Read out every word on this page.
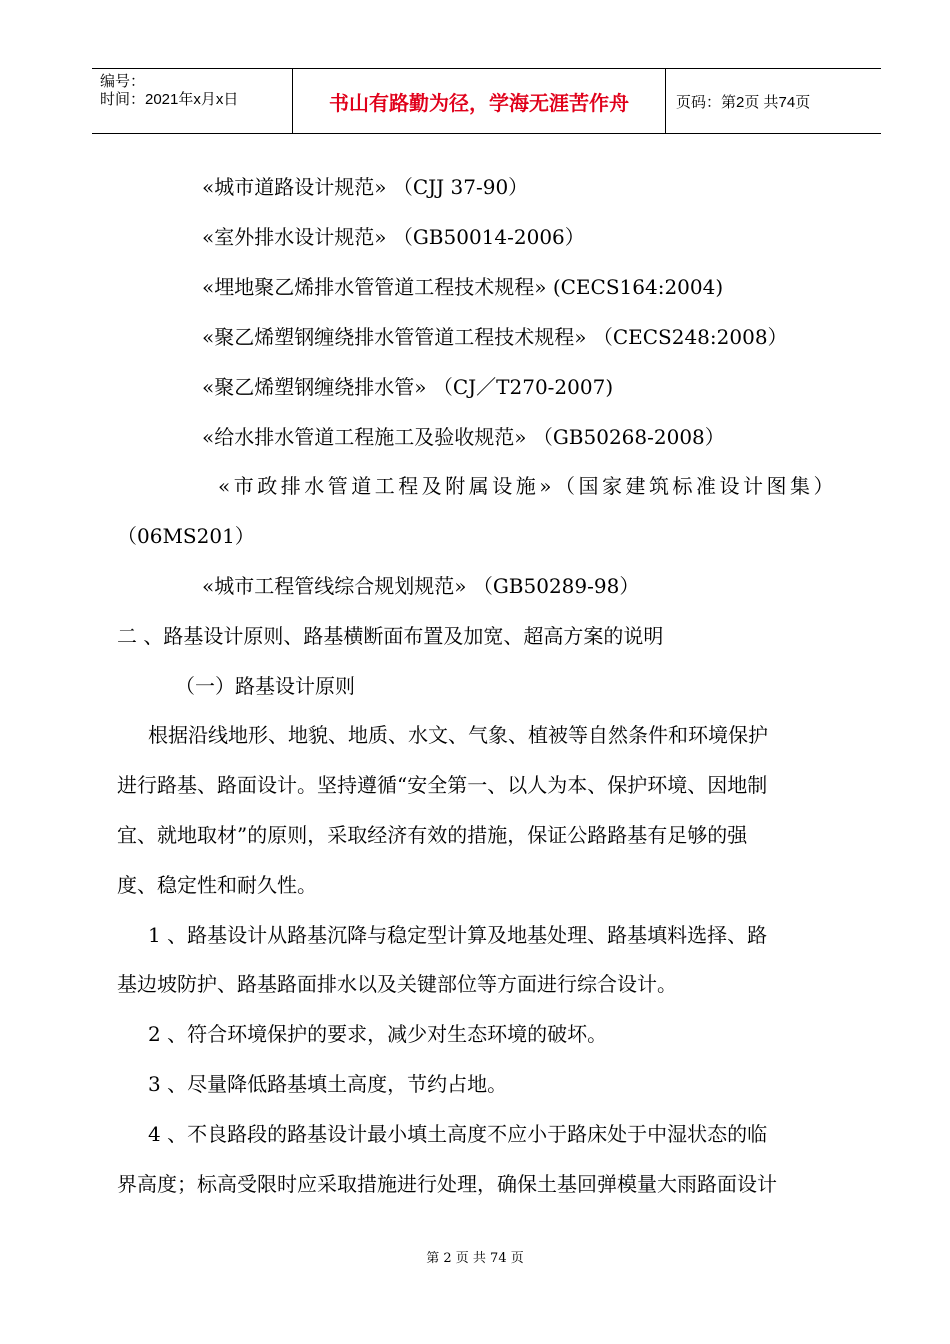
编号：
时间：2021年x月x日	书山有路勤为径，学海无涯苦作舟	页码：第2页 共74页
«城市道路设计规范» （CJJ 37-90）
«室外排水设计规范» （GB50014-2006）
«埋地聚乙烯排水管管道工程技术规程» (CECS164:2004)
«聚乙烯塑钢缠绕排水管管道工程技术规程» （CECS248:2008）
«聚乙烯塑钢缠绕排水管» （CJ／T270-2007)
«给水排水管道工程施工及验收规范» （GB50268-2008）
«市政排水管道工程及附属设施»（国家建筑标准设计图集）
（06MS201）
«城市工程管线综合规划规范» （GB50289-98）
二 、路基设计原则、路基横断面布置及加宽、超高方案的说明
（一）路基设计原则
根据沿线地形、地貌、地质、水文、气象、植被等自然条件和环境保护
进行路基、路面设计。坚持遵循“安全第一、以人为本、保护环境、因地制
宜、就地取材”的原则，采取经济有效的措施，保证公路路基有足够的强
度、稳定性和耐久性。
1 、路基设计从路基沉降与稳定型计算及地基处理、路基填料选择、路
基边坡防护、路基路面排水以及关键部位等方面进行综合设计。
2 、符合环境保护的要求，减少对生态环境的破坏。
3 、尽量降低路基填土高度，节约占地。
4 、不良路段的路基设计最小填土高度不应小于路床处于中湿状态的临
界高度；标高受限时应采取措施进行处理，确保土基回弹模量大雨路面设计
第 2 页 共 74 页
